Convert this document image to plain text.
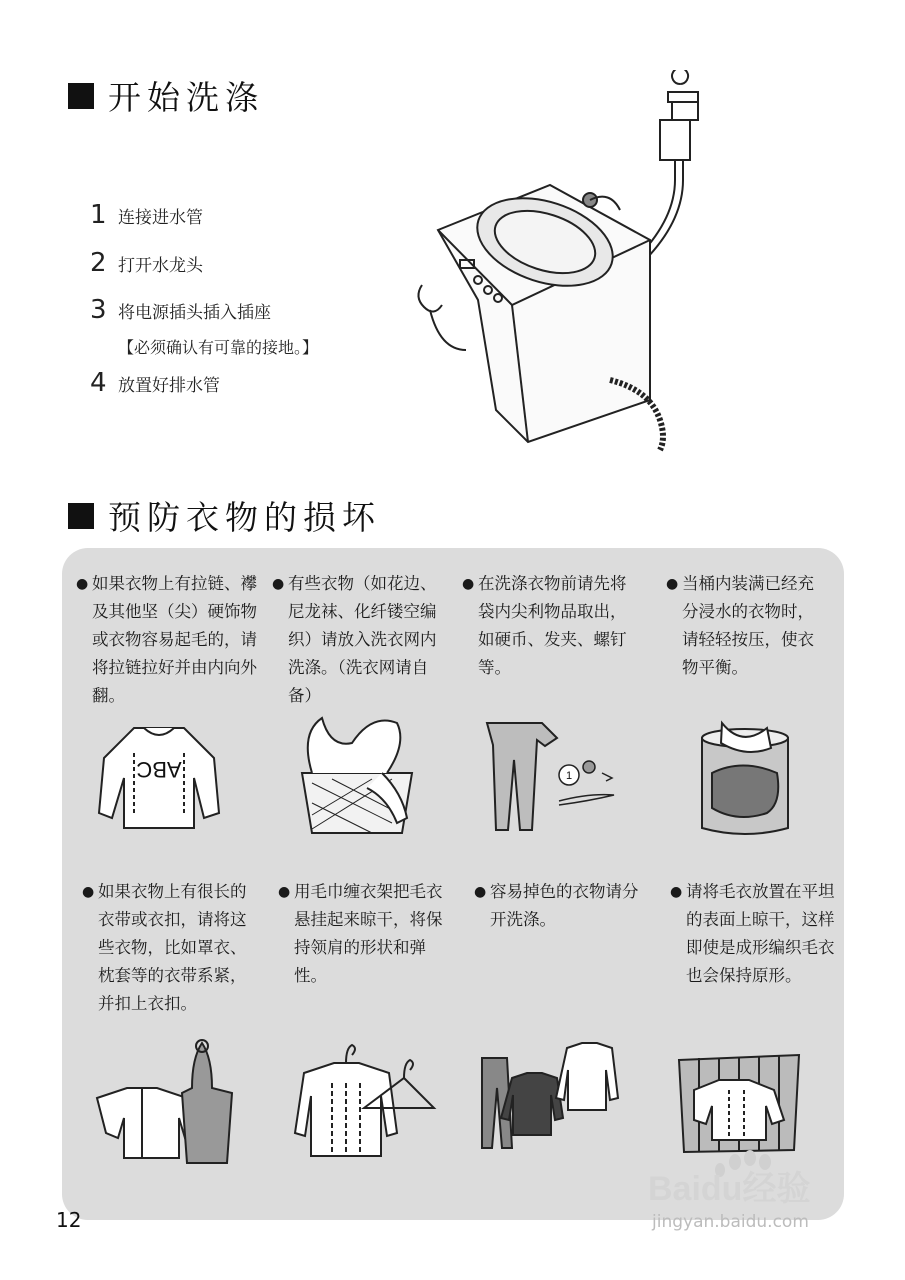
开始洗涤
1 连接进水管
2 打开水龙头
3 将电源插头插入插座
【必须确认有可靠的接地。】
4 放置好排水管
预防衣物的损坏
● 如果衣物上有拉链、襻及其他坚（尖）硬饰物或衣物容易起毛的，请将拉链拉好并由内向外翻。
● 有些衣物（如花边、尼龙袜、化纤镂空编织）请放入洗衣网内洗涤。（洗衣网请自备）
● 在洗涤衣物前请先将袋内尖利物品取出，如硬币、发夹、螺钉等。
● 当桶内装满已经充分浸水的衣物时，请轻轻按压，使衣物平衡。
ABC	1
● 如果衣物上有很长的衣带或衣扣，请将这些衣物，比如罩衣、枕套等的衣带系紧，并扣上衣扣。
● 用毛巾缠衣架把毛衣悬挂起来晾干，将保持领肩的形状和弹性。
● 容易掉色的衣物请分开洗涤。
● 请将毛衣放置在平坦的表面上晾干，这样即使是成形编织毛衣也会保持原形。
12
Baidu经验
jingyan.baidu.com
